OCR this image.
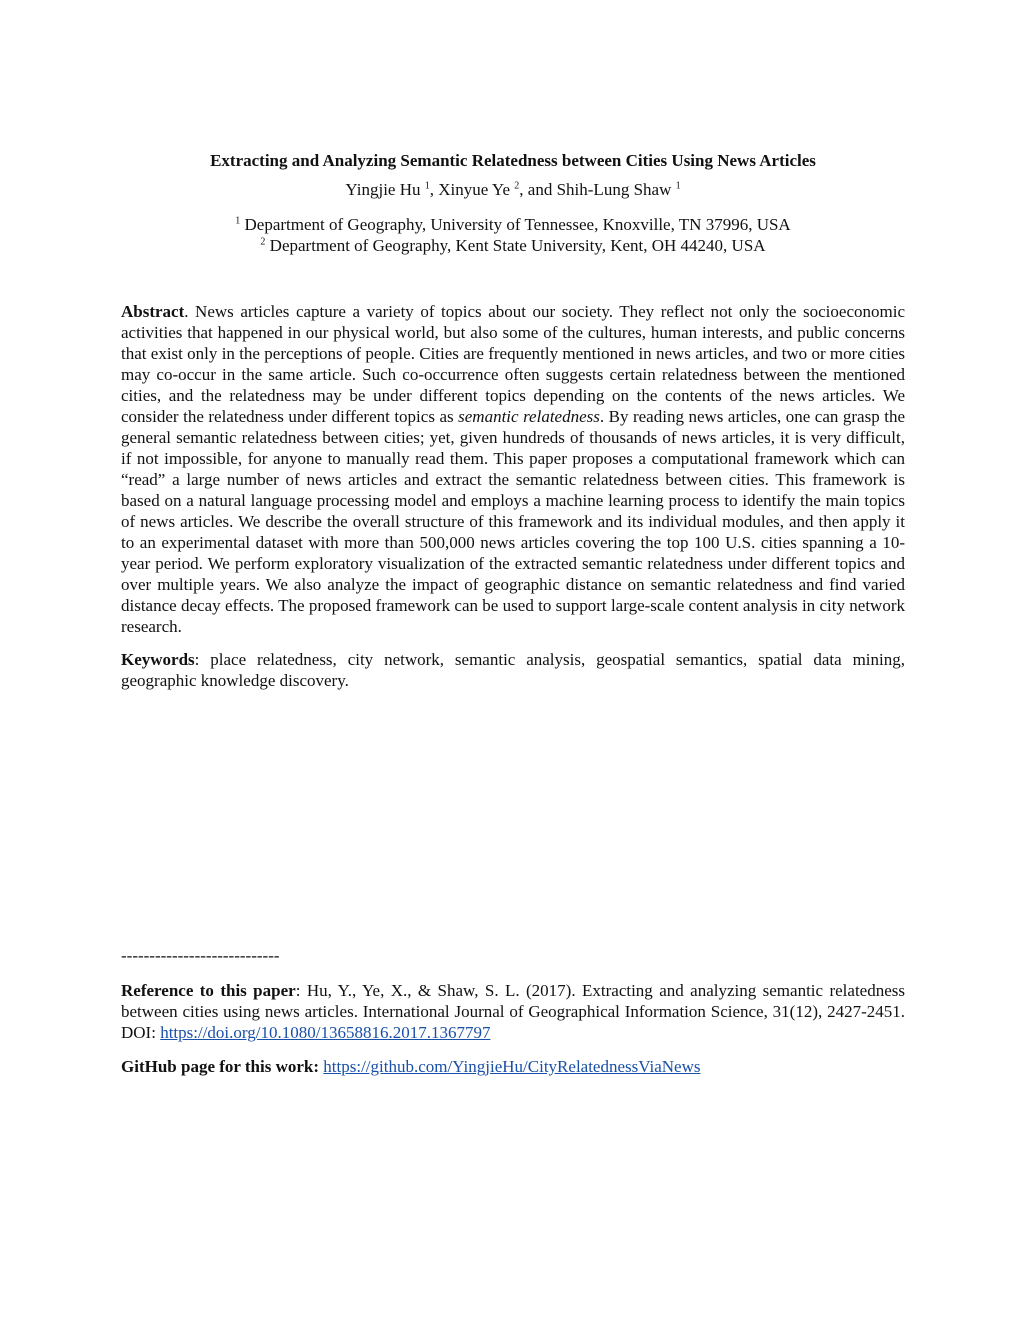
Extracting and Analyzing Semantic Relatedness between Cities Using News Articles
Yingjie Hu $^1$, Xinyue Ye $^2$, and Shih-Lung Shaw $^1$
$^1$ Department of Geography, University of Tennessee, Knoxville, TN 37996, USA
$^2$ Department of Geography, Kent State University, Kent, OH 44240, USA

Abstract. News articles capture a variety of topics about our society. They reflect not only the socioeconomic activities that happened in our physical world, but also some of the cultures, human interests, and public concerns that exist only in the perceptions of people. Cities are frequently mentioned in news articles, and two or more cities may co-occur in the same article. Such co-occurrence often suggests certain relatedness between the mentioned cities, and the relatedness may be under different topics depending on the contents of the news articles. We consider the relatedness under different topics as semantic relatedness. By reading news articles, one can grasp the general semantic relatedness between cities; yet, given hundreds of thousands of news articles, it is very difficult, if not impossible, for anyone to manually read them. This paper proposes a computational framework which can “read” a large number of news articles and extract the semantic relatedness between cities. This framework is based on a natural language processing model and employs a machine learning process to identify the main topics of news articles. We describe the overall structure of this framework and its individual modules, and then apply it to an experimental dataset with more than 500,000 news articles covering the top 100 U.S. cities spanning a 10-year period. We perform exploratory visualization of the extracted semantic relatedness under different topics and over multiple years. We also analyze the impact of geographic distance on semantic relatedness and find varied distance decay effects. The proposed framework can be used to support large-scale content analysis in city network research.

Keywords: place relatedness, city network, semantic analysis, geospatial semantics, spatial data mining, geographic knowledge discovery.

----------------------------

Reference to this paper: Hu, Y., Ye, X., & Shaw, S. L. (2017). Extracting and analyzing semantic relatedness between cities using news articles. International Journal of Geographical Information Science, 31(12), 2427-2451. DOI: https://doi.org/10.1080/13658816.2017.1367797

GitHub page for this work: https://github.com/YingjieHu/CityRelatednessViaNews
